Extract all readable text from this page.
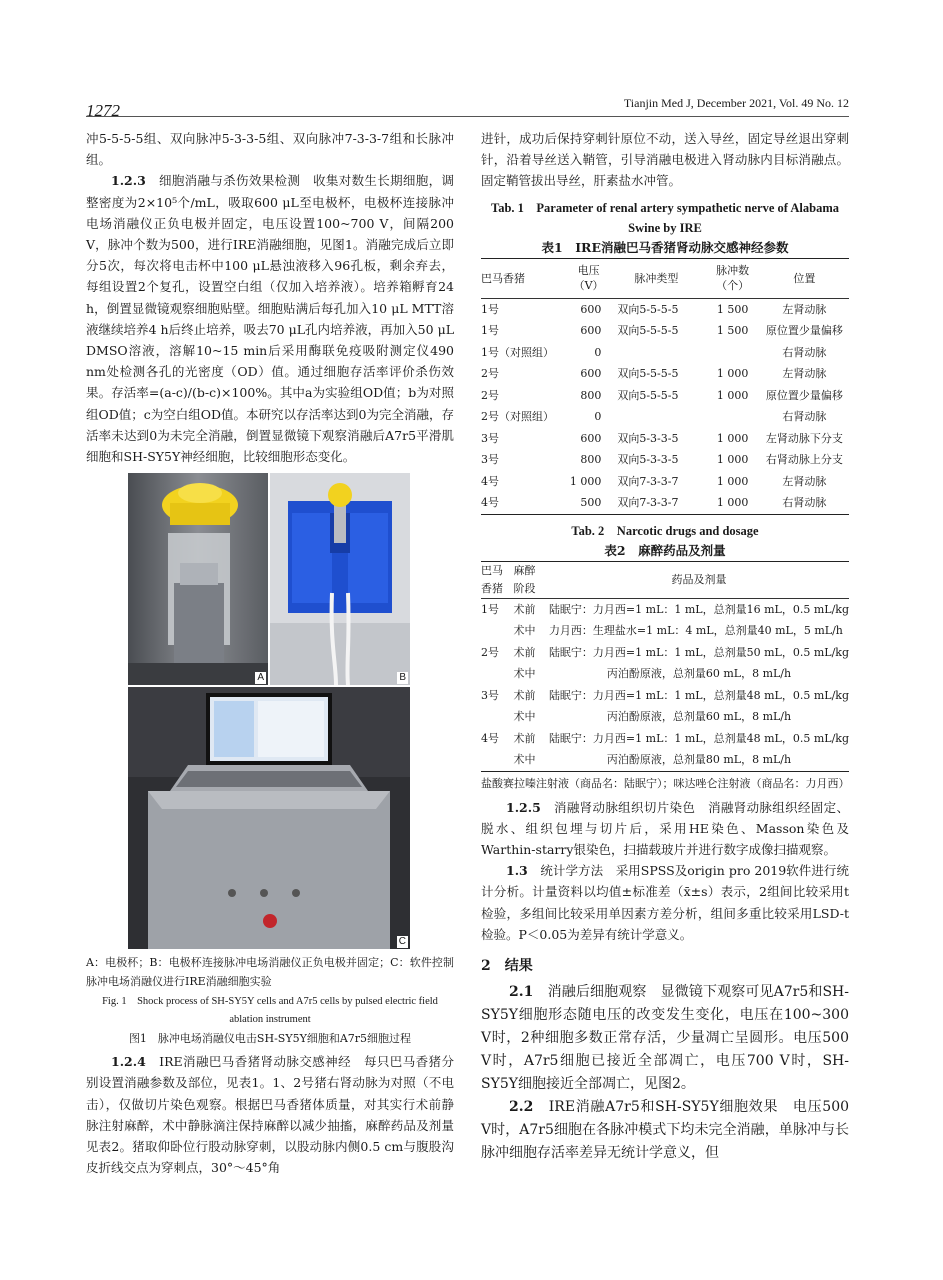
1272	Tianjin Med J, December 2021, Vol. 49 No. 12

冲5-5-5-5组、双向脉冲5-3-3-5组、双向脉冲7-3-3-7组和长脉冲组。

1.2.3　 细胞消融与杀伤效果检测　 收集对数生长期细胞，调整密度为2×10⁵个/mL，吸取600 μL至电极杯，电极杯连接脉冲电场消融仪正负电极并固定，电压设置100~700 V，间隔200 V，脉冲个数为500，进行IRE消融细胞，见图1。消融完成后立即分5次，每次将电击杯中100 μL悬浊液移入96孔板，剩余弃去，每组设置2个复孔，设置空白组（仅加入培养液）。培养箱孵育24 h，倒置显微镜观察细胞贴壁。细胞贴满后每孔加入10 μL MTT溶液继续培养4 h后终止培养，吸去70 μL孔内培养液，再加入50 μL DMSO溶液，溶解10~15 min后采用酶联免疫吸附测定仪490 nm处检测各孔的光密度（OD）值。通过细胞存活率评价杀伤效果。存活率=(a-c)/(b-c)×100%。其中a为实验组OD值；b为对照组OD值；c为空白组OD值。本研究以存活率达到0为完全消融，存活率未达到0为未完全消融，倒置显微镜下观察消融后A7r5平滑肌细胞和SH-SY5Y神经细胞，比较细胞形态变化。

A	B
C

A：电极杯；B：电极杯连接脉冲电场消融仪正负电极并固定；C：软件控制脉冲电场消融仪进行IRE消融细胞实验

Fig. 1　Shock process of SH-SY5Y cells and A7r5 cells by pulsed electric field ablation instrument
图1　脉冲电场消融仪电击SH-SY5Y细胞和A7r5细胞过程

1.2.4　 IRE消融巴马香猪肾动脉交感神经　 每只巴马香猪分别设置消融参数及部位，见表1。1、2号猪右肾动脉为对照（不电击），仅做切片染色观察。根据巴马香猪体质量，对其实行术前静脉注射麻醉，术中静脉滴注保持麻醉以减少抽搐，麻醉药品及剂量见表2。猪取仰卧位行股动脉穿刺，以股动脉内侧0.5 cm与腹股沟皮折线交点为穿刺点，30°～45°角

进针，成功后保持穿刺针原位不动，送入导丝，固定导丝退出穿刺针，沿着导丝送入鞘管，引导消融电极进入肾动脉内目标消融点。固定鞘管拔出导丝，肝素盐水冲管。

Tab. 1　Parameter of renal artery sympathetic nerve of Alabama Swine by IRE
表1　IRE消融巴马香猪肾动脉交感神经参数
巴马香猪	电压
（V）	脉冲类型	脉冲数
（个）	位置
1号	600	双向5-5-5-5	1 500	左肾动脉
1号	600	双向5-5-5-5	1 500	原位置少量偏移
1号（对照组）	0			右肾动脉
2号	600	双向5-5-5-5	1 000	左肾动脉
2号	800	双向5-5-5-5	1 000	原位置少量偏移
2号（对照组）	0			右肾动脉
3号	600	双向5-3-3-5	1 000	左肾动脉下分支
3号	800	双向5-3-3-5	1 000	右肾动脉上分支
4号	1 000	双向7-3-3-7	1 000	左肾动脉
4号	500	双向7-3-3-7	1 000	右肾动脉
Tab. 2　Narcotic drugs and dosage
表2　麻醉药品及剂量
巴马
香猪	麻醉
阶段	药品及剂量
1号	术前	陆眠宁：力月西=1 mL：1 mL，总剂量16 mL，0.5 mL/kg
	术中	力月西：生理盐水=1 mL：4 mL，总剂量40 mL，5 mL/h
2号	术前	陆眠宁：力月西=1 mL：1 mL，总剂量50 mL，0.5 mL/kg
	术中	丙泊酚原液，总剂量60 mL，8 mL/h
3号	术前	陆眠宁：力月西=1 mL：1 mL，总剂量48 mL，0.5 mL/kg
	术中	丙泊酚原液，总剂量60 mL，8 mL/h
4号	术前	陆眠宁：力月西=1 mL：1 mL，总剂量48 mL，0.5 mL/kg
	术中	丙泊酚原液，总剂量80 mL，8 mL/h

盐酸赛拉嗪注射液（商品名：陆眠宁）；咪达唑仑注射液（商品名：力月西）

1.2.5　 消融肾动脉组织切片染色　 消融肾动脉组织经固定、脱水、组织包埋与切片后，采用HE染色、Masson染色及Warthin-starry银染色，扫描载玻片并进行数字成像扫描观察。

1.3　 统计学方法　 采用SPSS及origin pro 2019软件进行统计分析。计量资料以均值±标准差（x̄±s）表示，2组间比较采用t检验，多组间比较采用单因素方差分析，组间多重比较采用LSD-t检验。P＜0.05为差异有统计学意义。

2　结果

2.1　 消融后细胞观察　 显微镜下观察可见A7r5和SH-SY5Y细胞形态随电压的改变发生变化，电压在100~300 V时，2种细胞多数正常存活，少量凋亡呈圆形。电压500 V时，A7r5细胞已接近全部凋亡，电压700 V时，SH-SY5Y细胞接近全部凋亡，见图2。

2.2　 IRE消融A7r5和SH-SY5Y细胞效果　 电压500 V时，A7r5细胞在各脉冲模式下均未完全消融，单脉冲与长脉冲细胞存活率差异无统计学意义，但
